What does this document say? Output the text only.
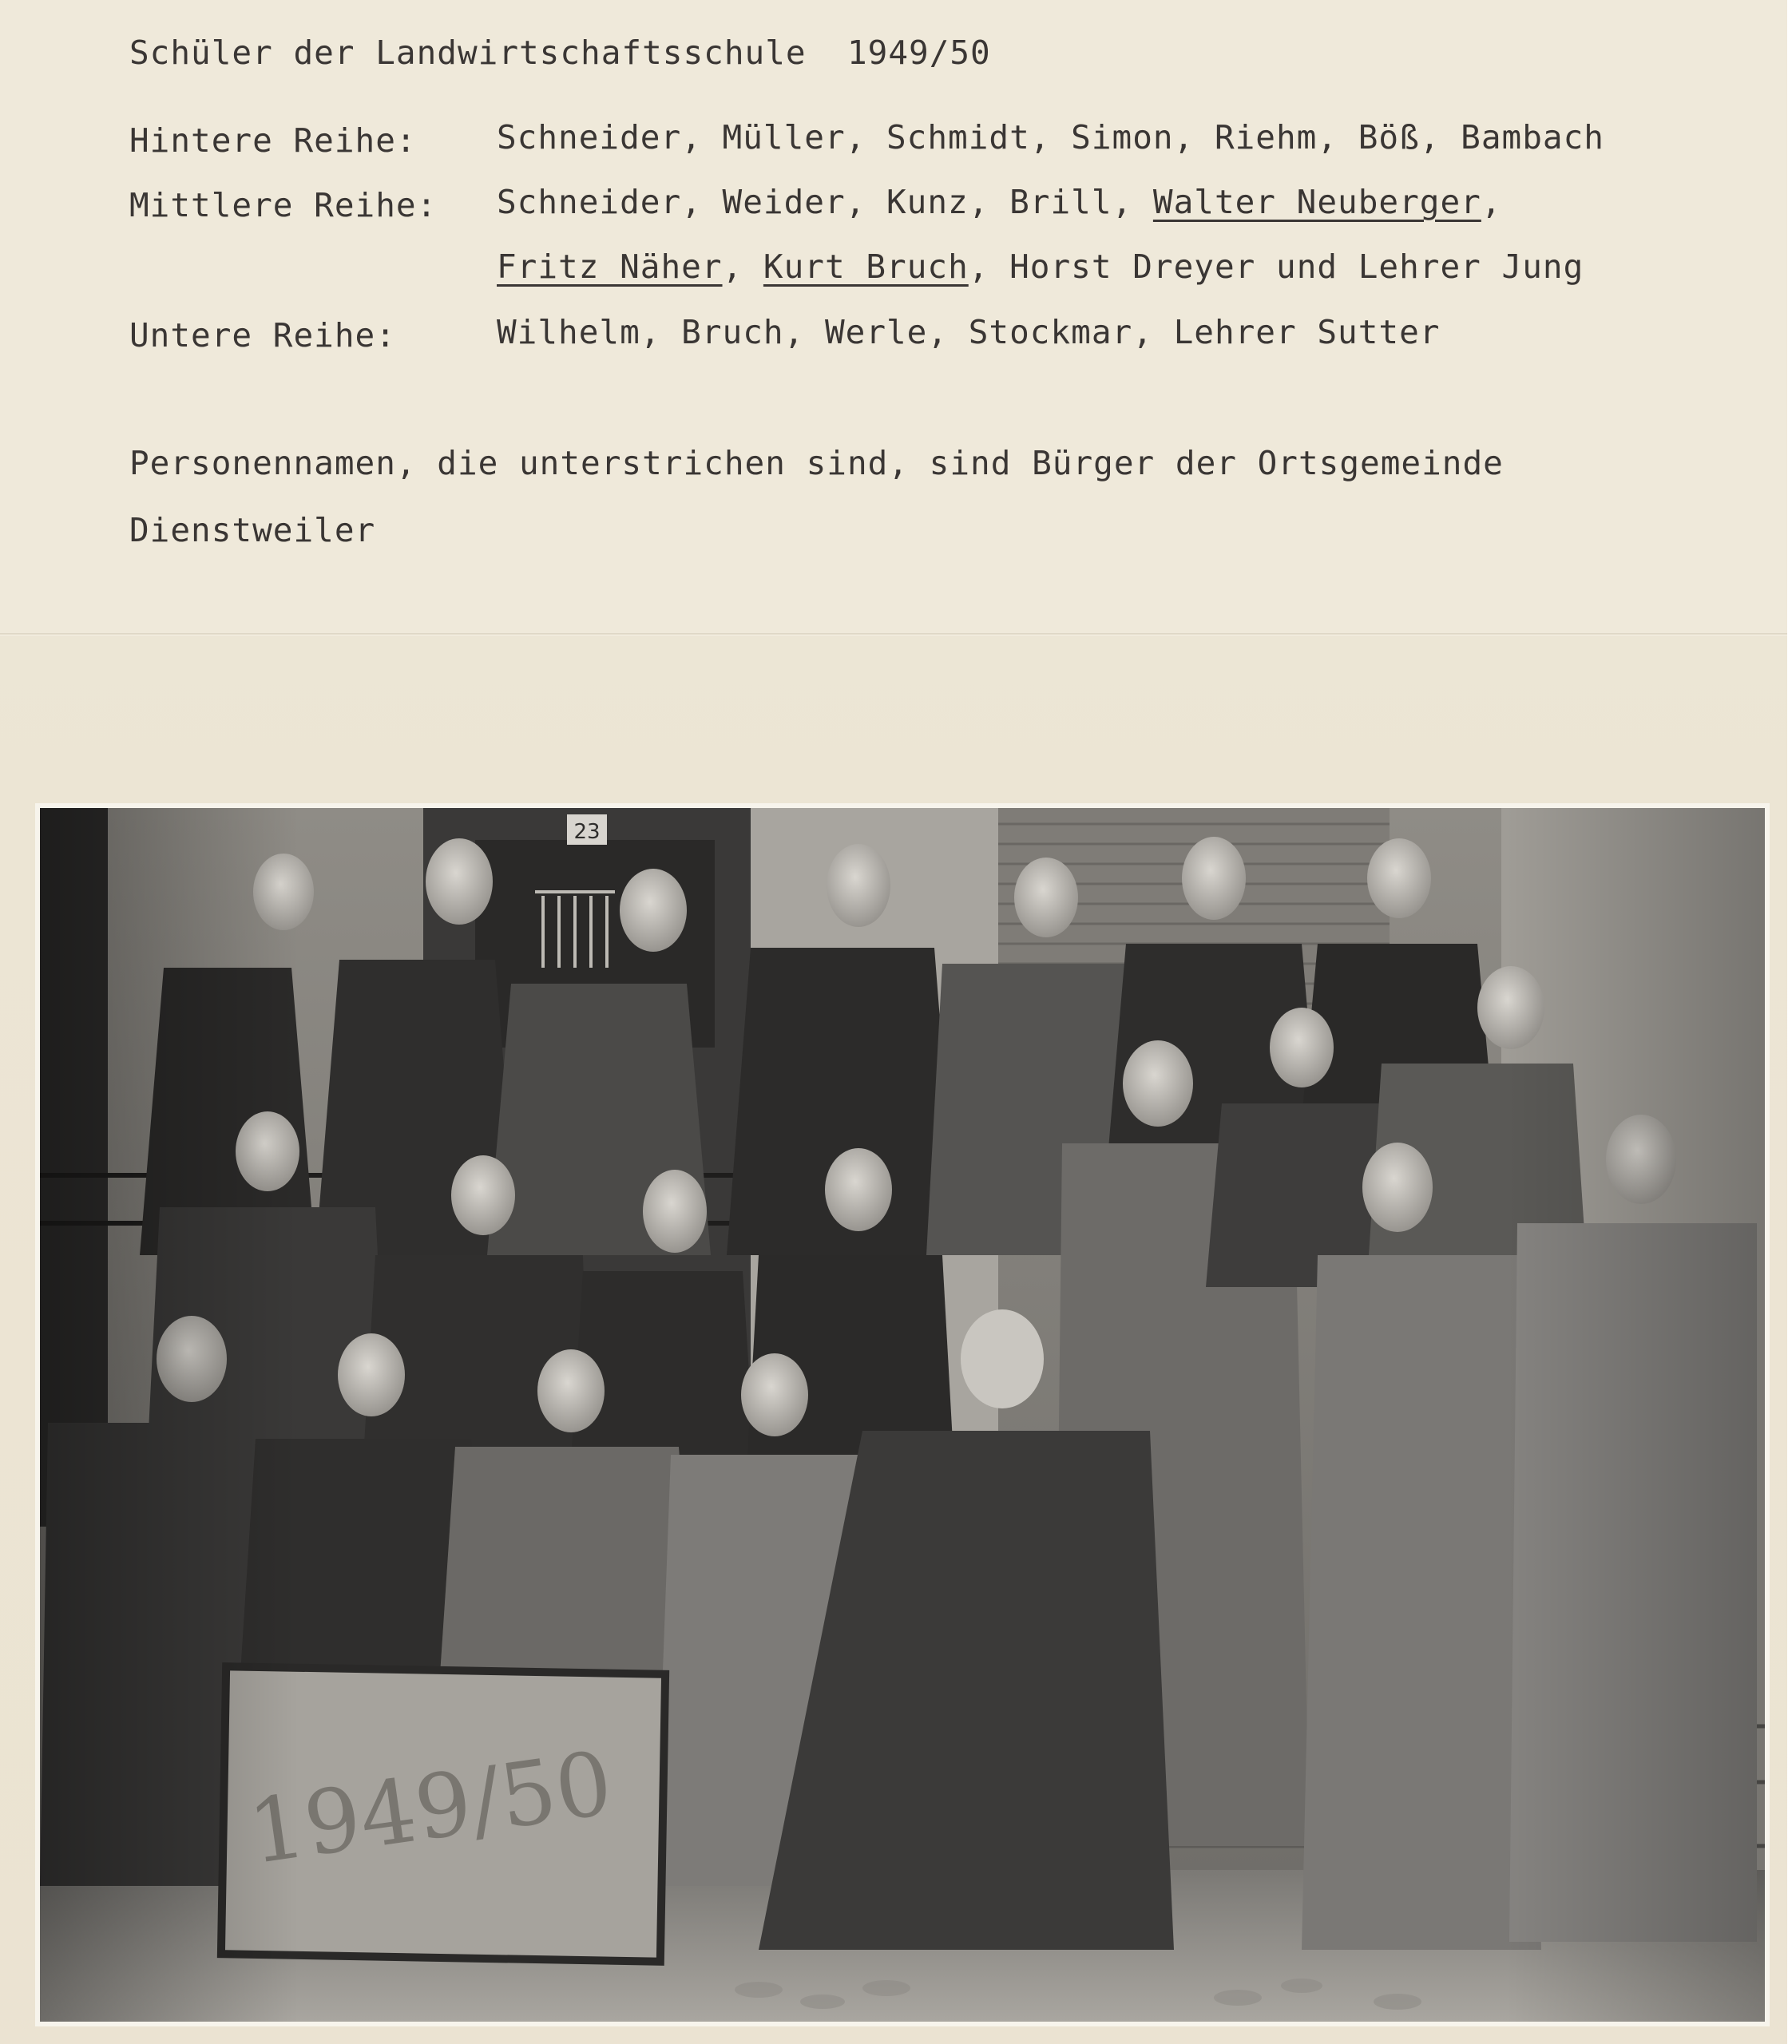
Schüler der Landwirtschaftsschule 1949/50
Hintere Reihe: Schneider, Müller, Schmidt, Simon, Riehm, Böß, Bambach
Mittlere Reihe: Schneider, Weider, Kunz, Brill, Walter Neuberger,
Fritz Näher, Kurt Bruch, Horst Dreyer und Lehrer Jung
Untere Reihe:	Wilhelm, Bruch, Werle, Stockmar, Lehrer Sutter
Personennamen, die unterstrichen sind, sind Bürger der Ortsgemeinde
Dienstweiler
